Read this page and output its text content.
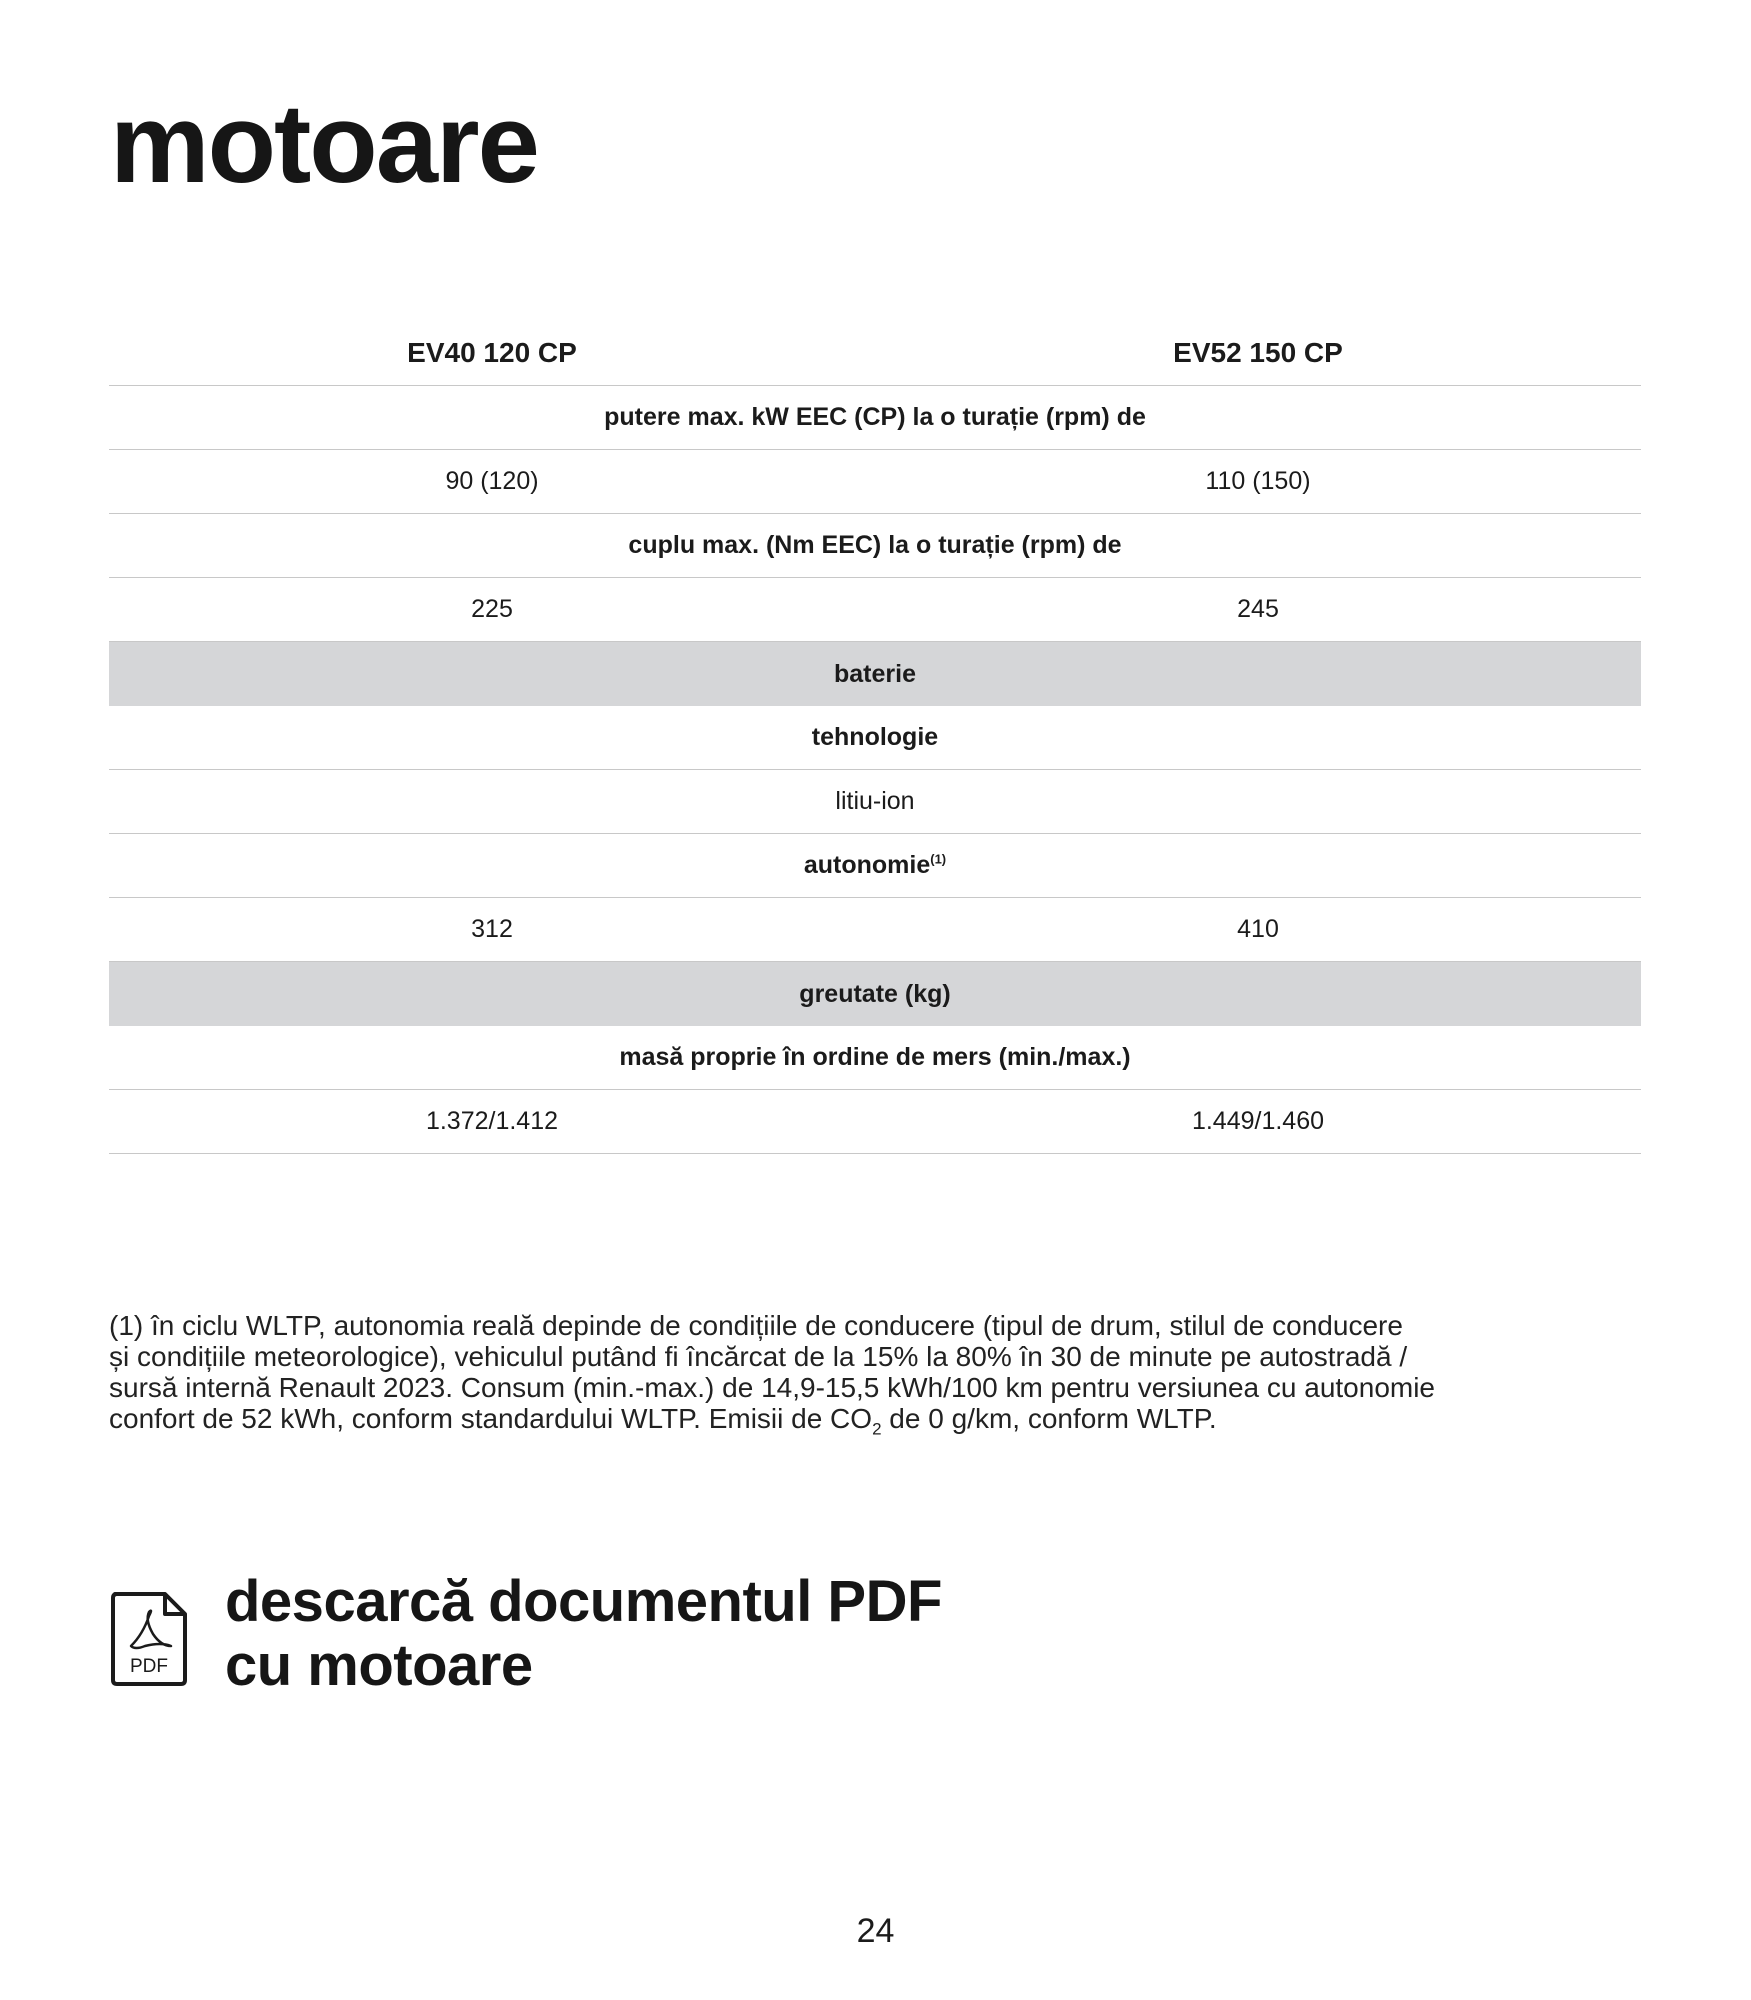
motoare
EV40 120 CP	EV52 150 CP
putere max. kW EEC (CP) la o turație (rpm) de
90 (120)	110 (150)
cuplu max. (Nm EEC) la o turație (rpm) de
225	245
baterie
tehnologie
litiu-ion
autonomie$^{(1)}$
312	410
greutate (kg)
masă proprie în ordine de mers (min./max.)
1.372/1.412	1.449/1.460

(1) în ciclu WLTP, autonomia reală depinde de condițiile de conducere (tipul de drum, stilul de conducere
și condițiile meteorologice), vehiculul putând fi încărcat de la 15% la 80% în 30 de minute pe autostradă /
sursă internă Renault 2023. Consum (min.-max.) de 14,9-15,5 kWh/100 km pentru versiunea cu autonomie
confort de 52 kWh, conform standardului WLTP. Emisii de $CO_2$ de 0 g/km, conform WLTP.

PDF
descarcă documentul PDF
cu motoare
24
